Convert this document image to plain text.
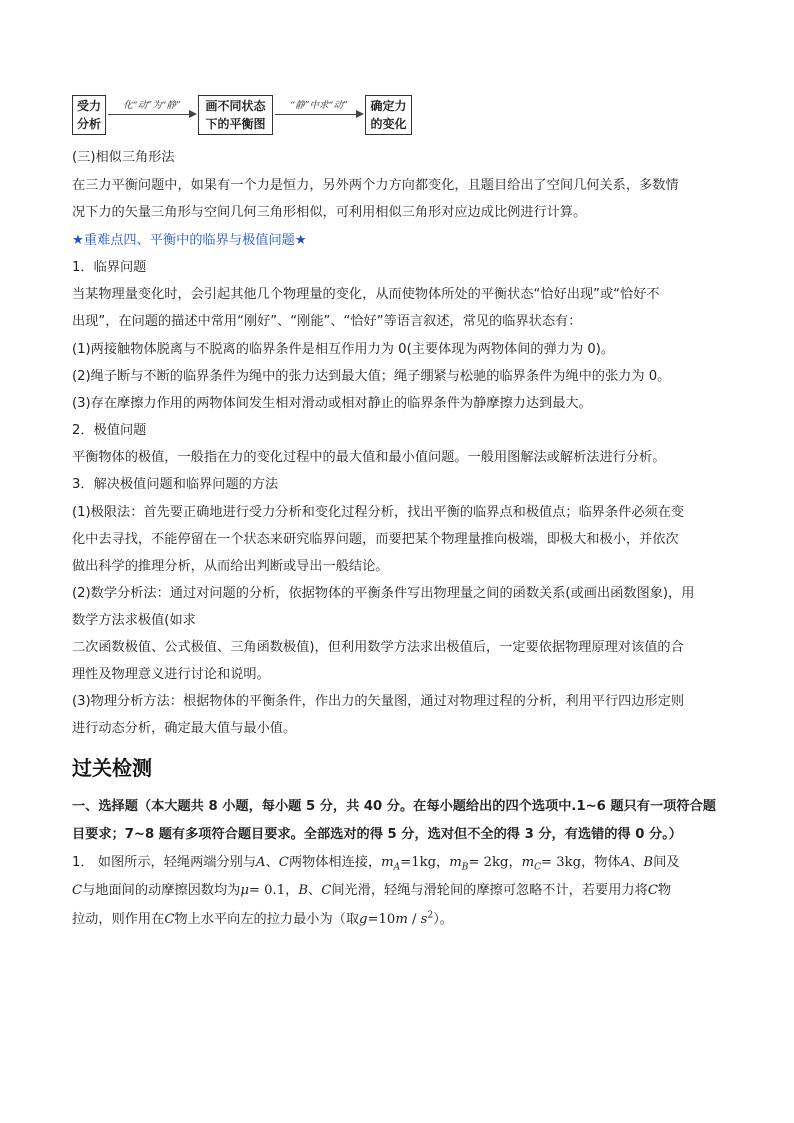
受力
分析
化“动”为“静”	画不同状态
下的平衡图
“静”中求“动”	确定力
的变化
(三)相似三角形法
在三力平衡问题中，如果有一个力是恒力，另外两个力方向都变化，且题目给出了空间几何关系，多数情
况下力的矢量三角形与空间几何三角形相似，可利用相似三角形对应边成比例进行计算。
★重难点四、平衡中的临界与极值问题★
1．临界问题
当某物理量变化时，会引起其他几个物理量的变化，从而使物体所处的平衡状态“恰好出现”或“恰好不
出现”，在问题的描述中常用“刚好”、“刚能”、“恰好”等语言叙述，常见的临界状态有：
(1)两接触物体脱离与不脱离的临界条件是相互作用力为 0(主要体现为两物体间的弹力为 0)。
(2)绳子断与不断的临界条件为绳中的张力达到最大值；绳子绷紧与松驰的临界条件为绳中的张力为 0。
(3)存在摩擦力作用的两物体间发生相对滑动或相对静止的临界条件为静摩擦力达到最大。
2．极值问题
平衡物体的极值，一般指在力的变化过程中的最大值和最小值问题。一般用图解法或解析法进行分析。
3．解决极值问题和临界问题的方法
(1)极限法：首先要正确地进行受力分析和变化过程分析，找出平衡的临界点和极值点；临界条件必须在变
化中去寻找，不能停留在一个状态来研究临界问题，而要把某个物理量推向极端，即极大和极小，并依次
做出科学的推理分析，从而给出判断或导出一般结论。
(2)数学分析法：通过对问题的分析，依据物体的平衡条件写出物理量之间的函数关系(或画出函数图象)，用
数学方法求极值(如求
二次函数极值、公式极值、三角函数极值)，但利用数学方法求出极值后，一定要依据物理原理对该值的合
理性及物理意义进行讨论和说明。
(3)物理分析方法：根据物体的平衡条件，作出力的矢量图，通过对物理过程的分析，利用平行四边形定则
进行动态分析，确定最大值与最小值。
过关检测
一、选择题（本大题共 8 小题，每小题 5 分，共 40 分。在每小题给出的四个选项中.1~6 题只有一项符合题
目要求；7~8 题有多项符合题目要求。全部选对的得 5 分，选对但不全的得 3 分，有选错的得 0 分。）
1． 如图所示，轻绳两端分别与A、C两物体相连接，$m_A=1kg$，$m_B= 2kg$，$m_C= 3kg$，物体A、B间及
C与地面间的动摩擦因数均为μ= 0.1，B、C间光滑，轻绳与滑轮间的摩擦可忽略不计，若要用力将C物
拉动，则作用在C物上水平向左的拉力最小为（取$g=10m / s^2$）。
